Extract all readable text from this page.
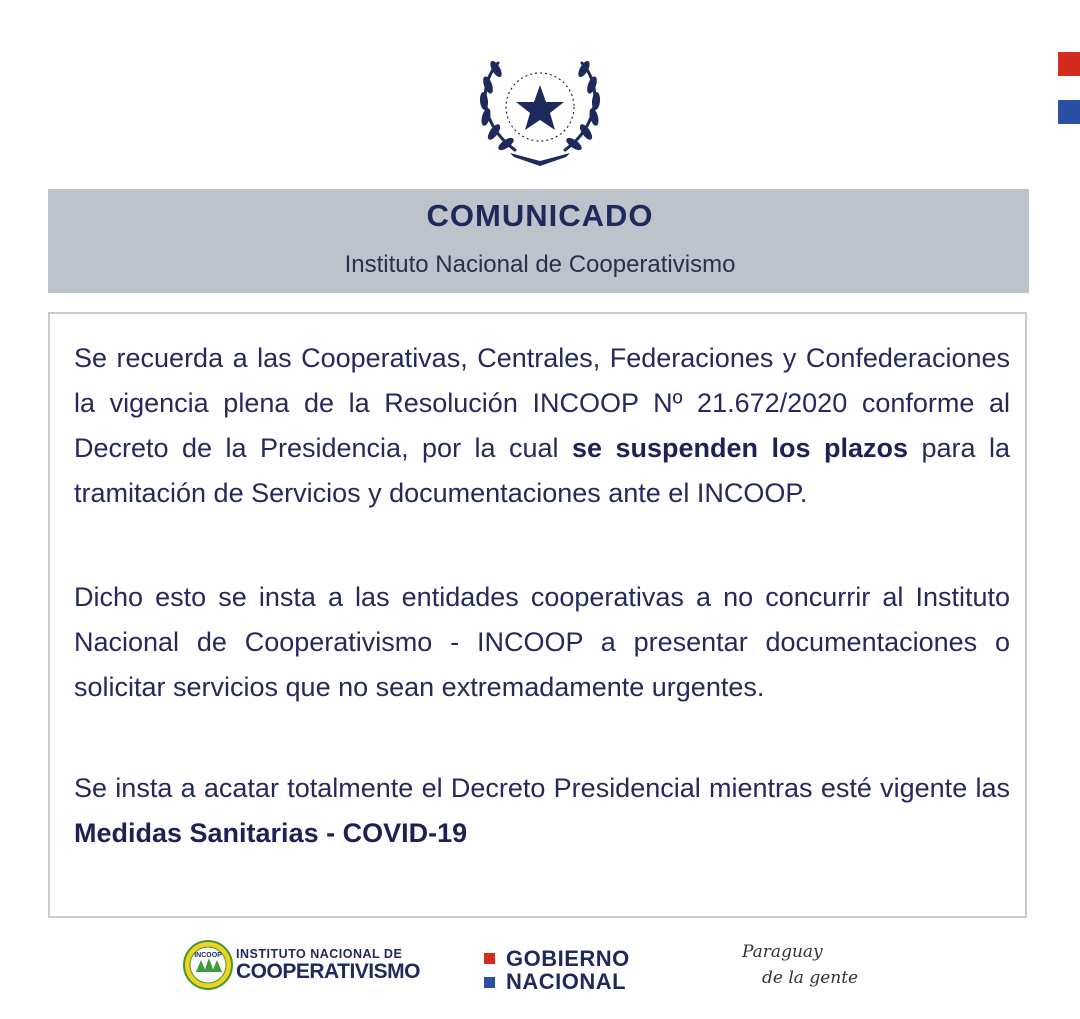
COMUNICADO
Instituto Nacional de Cooperativismo
Se recuerda a las Cooperativas, Centrales, Federaciones y Confederaciones la vigencia plena de la Resolución INCOOP Nº 21.672/2020 conforme al Decreto de la Presidencia, por la cual se suspenden los plazos para la tramitación de Servicios y documentaciones ante el INCOOP.
Dicho esto se insta a las entidades cooperativas a no concurrir al Instituto Nacional de Cooperativismo - INCOOP a presentar documentaciones o solicitar servicios que no sean extremadamente urgentes.
Se insta a acatar totalmente el Decreto Presidencial mientras esté vigente las Medidas Sanitarias - COVID-19
INCOOP INSTITUTO NACIONAL DE
COOPERATIVISMO
GOBIERNO
NACIONAL
Paraguay
de la gente
